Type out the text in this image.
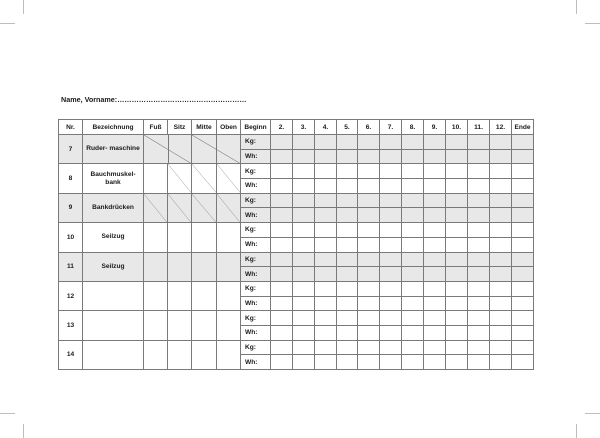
Name, Vorname:………………………………………………
Nr.	Bezeichnung	Fuß	Sitz	Mitte	Oben	Beginn	2.	3.	4.	5.	6.	7.	8.	9.	10.	11.	12.	Ende
7	Ruder- maschine					Kg:												
						Wh:												
8	Bauchmuskel- bank					Kg:												
						Wh:												
9	Bankdrücken					Kg:												
						Wh:												
10	Seilzug					Kg:												
						Wh:												
11	Seilzug					Kg:												
						Wh:												
12						Kg:												
						Wh:												
13						Kg:												
						Wh:												
14						Kg:												
						Wh:												
